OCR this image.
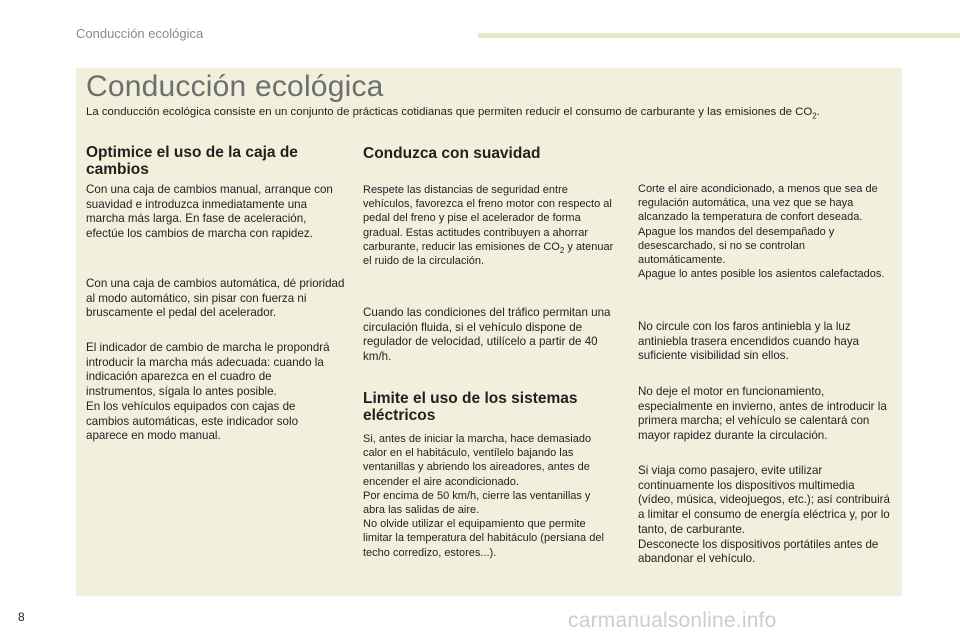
Conducción ecológica
Conducción ecológica
La conducción ecológica consiste en un conjunto de prácticas cotidianas que permiten reducir el consumo de carburante y las emisiones de $CO_2$.
Optimice el uso de la caja de cambios

Con una caja de cambios manual, arranque con suavidad e introduzca inmediatamente una marcha más larga. En fase de aceleración, efectúe los cambios de marcha con rapidez.

Con una caja de cambios automática, dé prioridad al modo automático, sin pisar con fuerza ni bruscamente el pedal del acelerador.

El indicador de cambio de marcha le propondrá introducir la marcha más adecuada: cuando la indicación aparezca en el cuadro de instrumentos, sígala lo antes posible.
En los vehículos equipados con cajas de cambios automáticas, este indicador solo aparece en modo manual.
Conduzca con suavidad

Respete las distancias de seguridad entre vehículos, favorezca el freno motor con respecto al pedal del freno y pise el acelerador de forma gradual. Estas actitudes contribuyen a ahorrar carburante, reducir las emisiones de $CO_2$ y atenuar el ruido de la circulación.

Cuando las condiciones del tráfico permitan una circulación fluida, si el vehículo dispone de regulador de velocidad, utilícelo a partir de 40 km/h.

Limite el uso de los sistemas eléctricos
Si, antes de iniciar la marcha, hace demasiado calor en el habitáculo, ventílelo bajando las ventanillas y abriendo los aireadores, antes de encender el aire acondicionado.
Por encima de 50 km/h, cierre las ventanillas y abra las salidas de aire.
No olvide utilizar el equipamiento que permite limitar la temperatura del habitáculo (persiana del techo corredizo, estores...).
Corte el aire acondicionado, a menos que sea de regulación automática, una vez que se haya alcanzado la temperatura de confort deseada.
Apague los mandos del desempañado y desescarchado, si no se controlan automáticamente.
Apague lo antes posible los asientos calefactados.

No circule con los faros antiniebla y la luz antiniebla trasera encendidos cuando haya suficiente visibilidad sin ellos.

No deje el motor en funcionamiento, especialmente en invierno, antes de introducir la primera marcha; el vehículo se calentará con mayor rapidez durante la circulación.

Si viaja como pasajero, evite utilizar continuamente los dispositivos multimedia (vídeo, música, videojuegos, etc.); así contribuirá a limitar el consumo de energía eléctrica y, por lo tanto, de carburante.
Desconecte los dispositivos portátiles antes de abandonar el vehículo.
8	carmanualsonline.info
